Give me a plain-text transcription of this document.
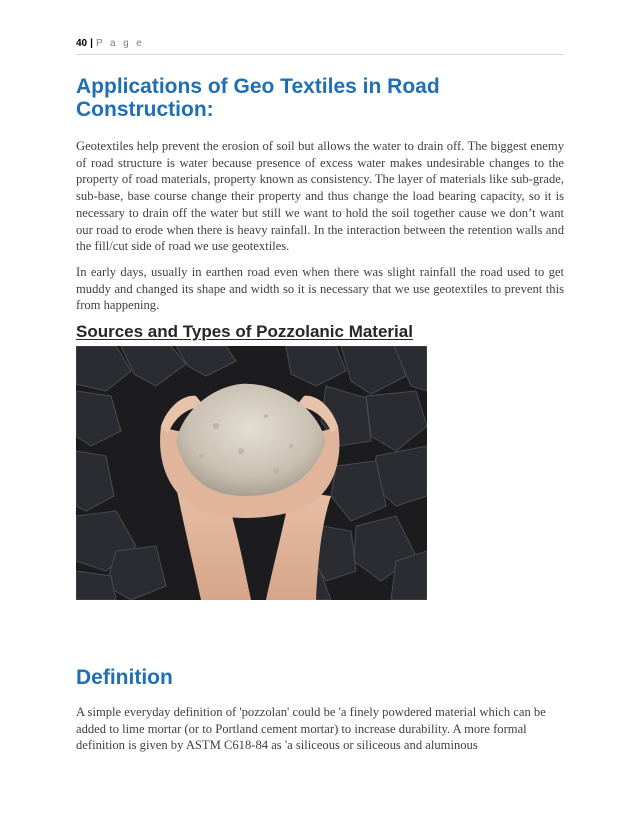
40 | P a g e
Applications of Geo Textiles in Road Construction:

Geotextiles help prevent the erosion of soil but allows the water to drain off. The biggest enemy of road structure is water because presence of excess water makes undesirable changes to the property of road materials, property known as consistency. The layer of materials like sub-grade, sub-base, base course change their property and thus change the load bearing capacity, so it is necessary to drain off the water but still we want to hold the soil together cause we don’t want our road to erode when there is heavy rainfall. In the interaction between the retention walls and the fill/cut side of road we use geotextiles.

In early days, usually in earthen road even when there was slight rainfall the road used to get muddy and changed its shape and width so it is necessary that we use geotextiles to prevent this from happening.

Sources and Types of Pozzolanic Material
Definition

A simple everyday definition of 'pozzolan' could be 'a finely powdered material which can be added to lime mortar (or to Portland cement mortar) to increase durability. A more formal definition is given by ASTM C618-84 as 'a siliceous or siliceous and aluminous
